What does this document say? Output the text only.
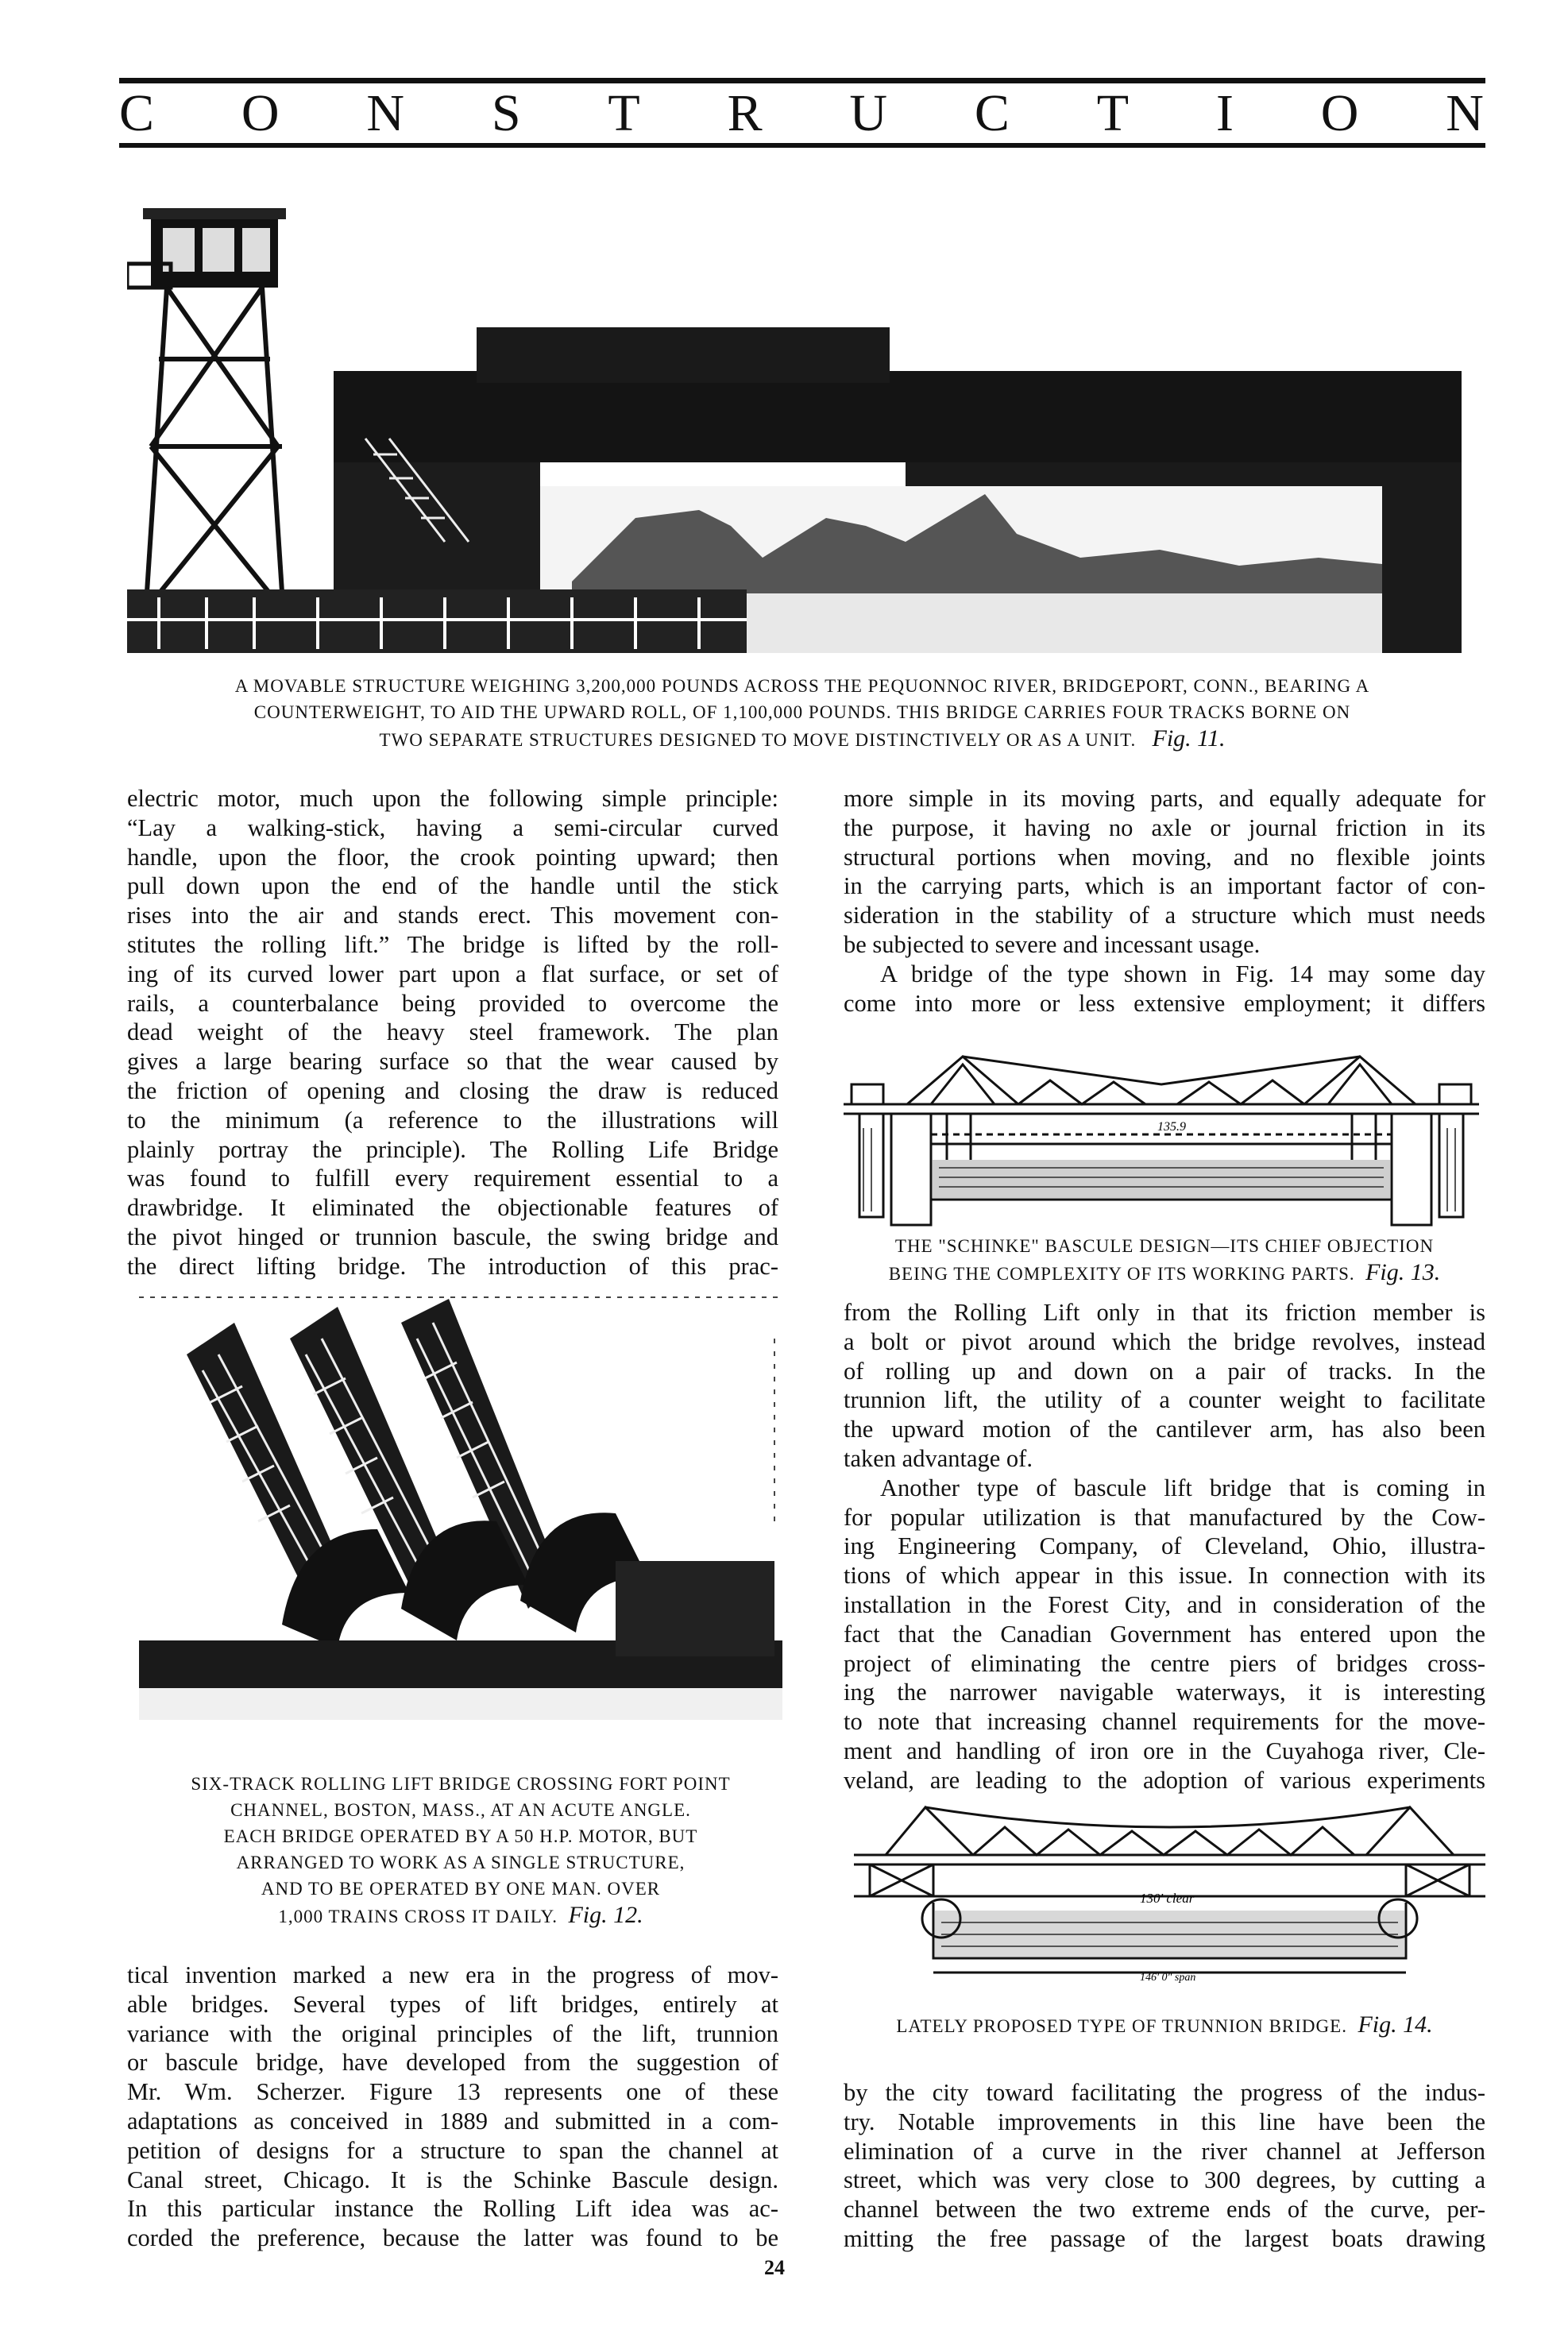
C O N S T R U C T I O N
A MOVABLE STRUCTURE WEIGHING 3,200,000 POUNDS ACROSS THE PEQUONNOC RIVER, BRIDGEPORT, CONN., BEARING A
COUNTERWEIGHT, TO AID THE UPWARD ROLL, OF 1,100,000 POUNDS. THIS BRIDGE CARRIES FOUR TRACKS BORNE ON
TWO SEPARATE STRUCTURES DESIGNED TO MOVE DISTINCTIVELY OR AS A UNIT. Fig. 11.
electric motor, much upon the following simple principle:
“Lay a walking-stick, having a semi-circular curved
handle, upon the floor, the crook pointing upward; then
pull down upon the end of the handle until the stick
rises into the air and stands erect. This movement con-
stitutes the rolling lift.” The bridge is lifted by the roll-
ing of its curved lower part upon a flat surface, or set of
rails, a counterbalance being provided to overcome the
dead weight of the heavy steel framework. The plan
gives a large bearing surface so that the wear caused by
the friction of opening and closing the draw is reduced
to the minimum (a reference to the illustrations will
plainly portray the principle). The Rolling Life Bridge
was found to fulfill every requirement essential to a
drawbridge. It eliminated the objectionable features of
the pivot hinged or trunnion bascule, the swing bridge and
the direct lifting bridge. The introduction of this prac-
SIX-TRACK ROLLING LIFT BRIDGE CROSSING FORT POINT
CHANNEL, BOSTON, MASS., AT AN ACUTE ANGLE.
EACH BRIDGE OPERATED BY A 50 H.P. MOTOR, BUT
ARRANGED TO WORK AS A SINGLE STRUCTURE,
AND TO BE OPERATED BY ONE MAN. OVER
1,000 TRAINS CROSS IT DAILY. Fig. 12.
tical invention marked a new era in the progress of mov-
able bridges. Several types of lift bridges, entirely at
variance with the original principles of the lift, trunnion
or bascule bridge, have developed from the suggestion of
Mr. Wm. Scherzer. Figure 13 represents one of these
adaptations as conceived in 1889 and submitted in a com-
petition of designs for a structure to span the channel at
Canal street, Chicago. It is the Schinke Bascule design.
In this particular instance the Rolling Lift idea was ac-
corded the preference, because the latter was found to be
more simple in its moving parts, and equally adequate for
the purpose, it having no axle or journal friction in its
structural portions when moving, and no flexible joints
in the carrying parts, which is an important factor of con-
sideration in the stability of a structure which must needs
be subjected to severe and incessant usage.
A bridge of the type shown in Fig. 14 may some day
come into more or less extensive employment; it differs
135.9
THE "SCHINKE" BASCULE DESIGN—ITS CHIEF OBJECTION
BEING THE COMPLEXITY OF ITS WORKING PARTS. Fig. 13.
from the Rolling Lift only in that its friction member is
a bolt or pivot around which the bridge revolves, instead
of rolling up and down on a pair of tracks. In the
trunnion lift, the utility of a counter weight to facilitate
the upward motion of the cantilever arm, has also been
taken advantage of.
Another type of bascule lift bridge that is coming in
for popular utilization is that manufactured by the Cow-
ing Engineering Company, of Cleveland, Ohio, illustra-
tions of which appear in this issue. In connection with its
installation in the Forest City, and in consideration of the
fact that the Canadian Government has entered upon the
project of eliminating the centre piers of bridges cross-
ing the narrower navigable waterways, it is interesting
to note that increasing channel requirements for the move-
ment and handling of iron ore in the Cuyahoga river, Cle-
veland, are leading to the adoption of various experiments
130' clear
146' 0" span
LATELY PROPOSED TYPE OF TRUNNION BRIDGE. Fig. 14.
by the city toward facilitating the progress of the indus-
try. Notable improvements in this line have been the
elimination of a curve in the river channel at Jefferson
street, which was very close to 300 degrees, by cutting a
channel between the two extreme ends of the curve, per-
mitting the free passage of the largest boats drawing
24
